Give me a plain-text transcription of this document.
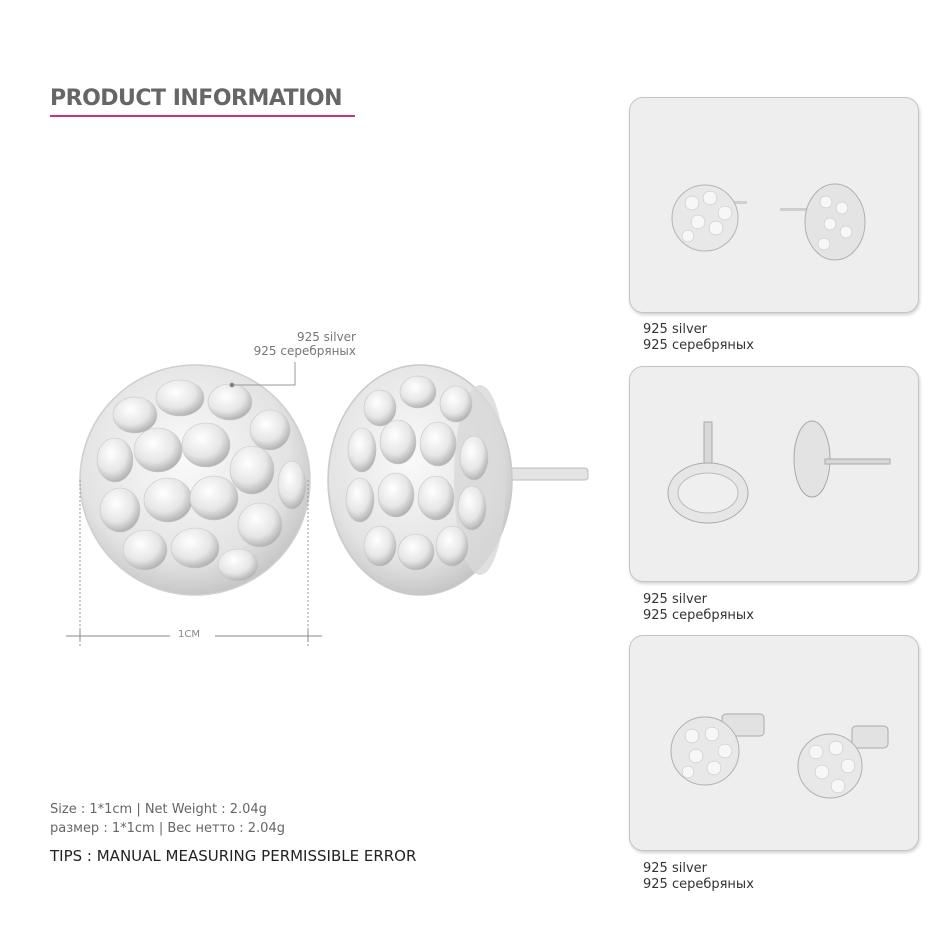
PRODUCT INFORMATION
925 silver
925 серебряных
1CM
Size : 1*1cm | Net Weight : 2.04g
размер : 1*1cm | Вес нетто : 2.04g
TIPS : MANUAL MEASURING PERMISSIBLE ERROR
925 silver
925 серебряных
925 silver
925 серебряных
925 silver
925 серебряных
